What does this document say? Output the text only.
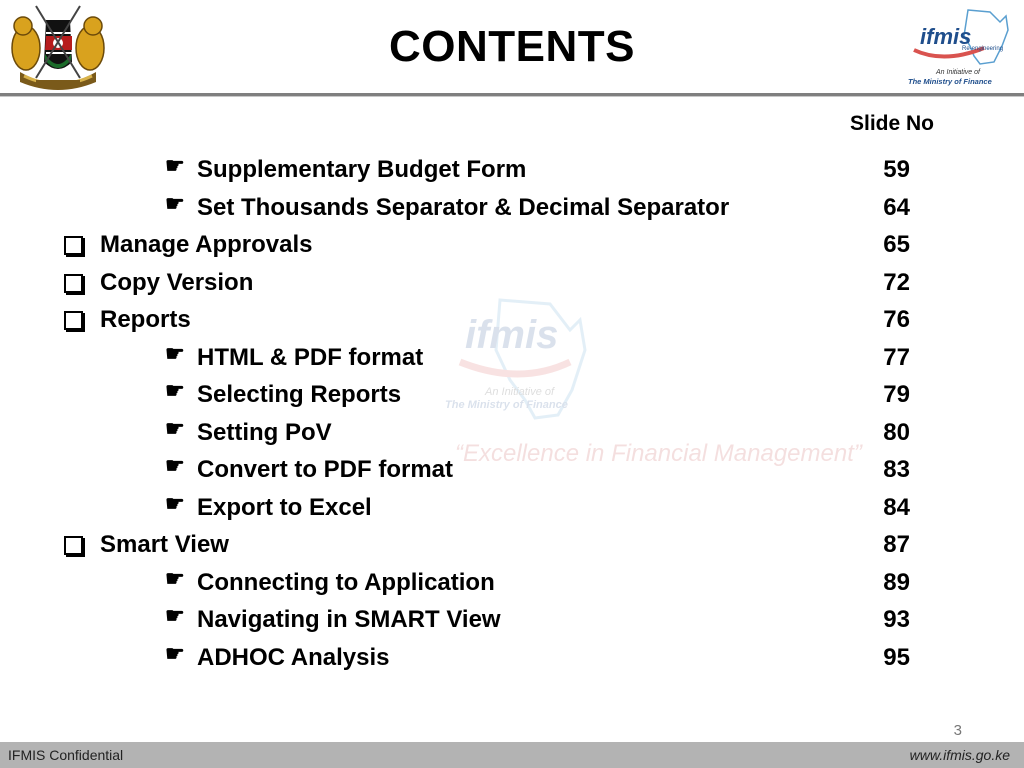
CONTENTS	ifmis
Re-engineering
An Initiative of
The Ministry of Finance
ifmis
An Initiative of
The Ministry of Finance
“Excellence in Financial Management”
Slide No
☛ Supplementary Budget Form	59
☛ Set Thousands Separator & Decimal Separator	64
Manage Approvals	65
Copy Version	72
Reports	76
☛ HTML & PDF format	77
☛ Selecting Reports	79
☛ Setting PoV	80
☛ Convert to PDF format	83
☛ Export to Excel	84
Smart View	87
☛ Connecting to Application	89
☛ Navigating in SMART View	93
☛ ADHOC Analysis	95
3
IFMIS Confidential	www.ifmis.go.ke
